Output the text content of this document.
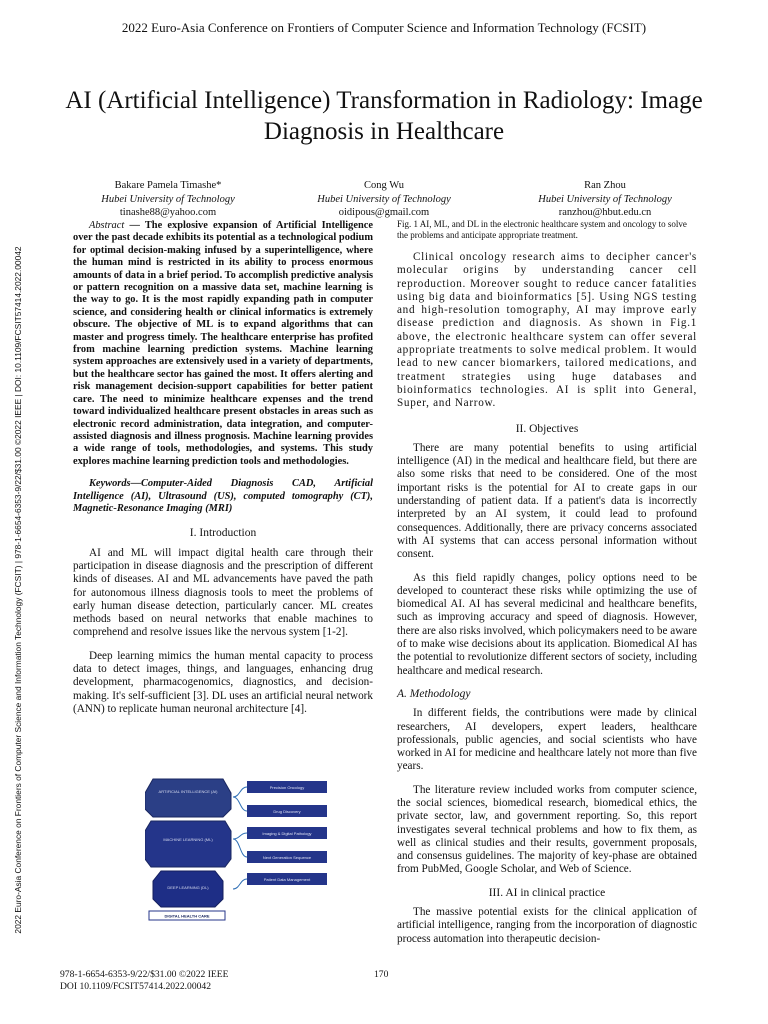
2022 Euro-Asia Conference on Frontiers of Computer Science and Information Technology (FCSIT)
AI (Artificial Intelligence) Transformation in Radiology: Image Diagnosis in Healthcare
Bakare Pamela Timashe*
Hubei University of Technology
tinashe88@yahoo.com
Cong Wu
Hubei University of Technology
oidipous@gmail.com
Ran Zhou
Hubei University of Technology
ranzhou@hbut.edu.cn
2022 Euro-Asia Conference on Frontiers of Computer Science and Information Technology (FCSIT) | 978-1-6654-6353-9/22/$31.00 ©2022 IEEE | DOI: 10.1109/FCSIT57414.2022.00042
Abstract — The explosive expansion of Artificial Intelligence over the past decade exhibits its potential as a technological podium for optimal decision-making infused by a superintelligence, where the human mind is restricted in its ability to process enormous amounts of data in a brief period. To accomplish predictive analysis or pattern recognition on a massive data set, machine learning is the way to go. It is the most rapidly expanding path in computer science, and considering health or clinical informatics is extremely obscure. The objective of ML is to expand algorithms that can master and progress timely. The healthcare enterprise has profited from machine learning prediction systems. Machine learning system approaches are extensively used in a variety of departments, but the healthcare sector has gained the most. It offers alerting and risk management decision-support capabilities for better patient care. The need to minimize healthcare expenses and the trend toward individualized healthcare present obstacles in areas such as electronic record administration, data integration, and computer-assisted diagnosis and illness prognosis. Machine learning provides a wide range of tools, methodologies, and systems. This study explores machine learning prediction tools and methodologies.
Keywords—Computer-Aided Diagnosis CAD, Artificial Intelligence (AI), Ultrasound (US), computed tomography (CT), Magnetic-Resonance Imaging (MRI)
I. Introduction

AI and ML will impact digital health care through their participation in disease diagnosis and the prescription of different kinds of diseases. AI and ML advancements have paved the path for autonomous illness diagnosis tools to meet the problems of early human disease detection, particularly cancer. ML creates methods based on neural networks that enable machines to comprehend and resolve issues like the nervous system [1-2].

Deep learning mimics the human mental capacity to process data to detect images, things, and languages, enhancing drug development, pharmacogenomics, diagnostics, and decision-making. It's self-sufficient [3]. DL uses an artificial neural network (ANN) to replicate human neuronal architecture [4].

ARTIFICIAL INTELLIGENCE (AI)
MACHINE LEARNING (ML)
DEEP LEARNING (DL)
Precision Oncology
Drug Discovery
Imaging & Digital Pathology
Next Generation Sequence
Patient Data Management
DIGITAL HEALTH CARE
Fig. 1 AI, ML, and DL in the electronic healthcare system and oncology to solve the problems and anticipate appropriate treatment.

Clinical oncology research aims to decipher cancer's molecular origins by understanding cancer cell reproduction. Moreover sought to reduce cancer fatalities using big data and bioinformatics [5]. Using NGS testing and high-resolution tomography, AI may improve early disease prediction and diagnosis. As shown in Fig.1 above, the electronic healthcare system can offer several appropriate treatments to solve medical problem. It would lead to new cancer biomarkers, tailored medications, and treatment strategies using huge databases and bioinformatics technologies. AI is split into General, Super, and Narrow.

II. Objectives

There are many potential benefits to using artificial intelligence (AI) in the medical and healthcare field, but there are also some risks that need to be considered. One of the most important risks is the potential for AI to create gaps in our understanding of patient data. If a patient's data is incorrectly interpreted by an AI system, it could lead to profound consequences. Additionally, there are privacy concerns associated with AI systems that can access personal information without consent.

As this field rapidly changes, policy options need to be developed to counteract these risks while optimizing the use of biomedical AI. AI has several medicinal and healthcare benefits, such as improving accuracy and speed of diagnosis. However, there are also risks involved, which policymakers need to be aware of to make wise decisions about its application. Biomedical AI has the potential to revolutionize different sectors of society, including healthcare and medical research.

A. Methodology

In different fields, the contributions were made by clinical researchers, AI developers, expert leaders, healthcare professionals, public agencies, and social scientists who have worked in AI for medicine and healthcare lately not more than five years.

The literature review included works from computer science, the social sciences, biomedical research, biomedical ethics, the private sector, law, and government reporting. So, this report investigates several technical problems and how to fix them, as well as clinical studies and their results, government proposals, and consensus guidelines. The majority of key-phase are obtained from PubMed, Google Scholar, and Web of Science.

III. AI in clinical practice

The massive potential exists for the clinical application of artificial intelligence, ranging from the incorporation of diagnostic process automation into therapeutic decision-

978-1-6654-6353-9/22/$31.00 ©2022 IEEE
DOI 10.1109/FCSIT57414.2022.00042
170
